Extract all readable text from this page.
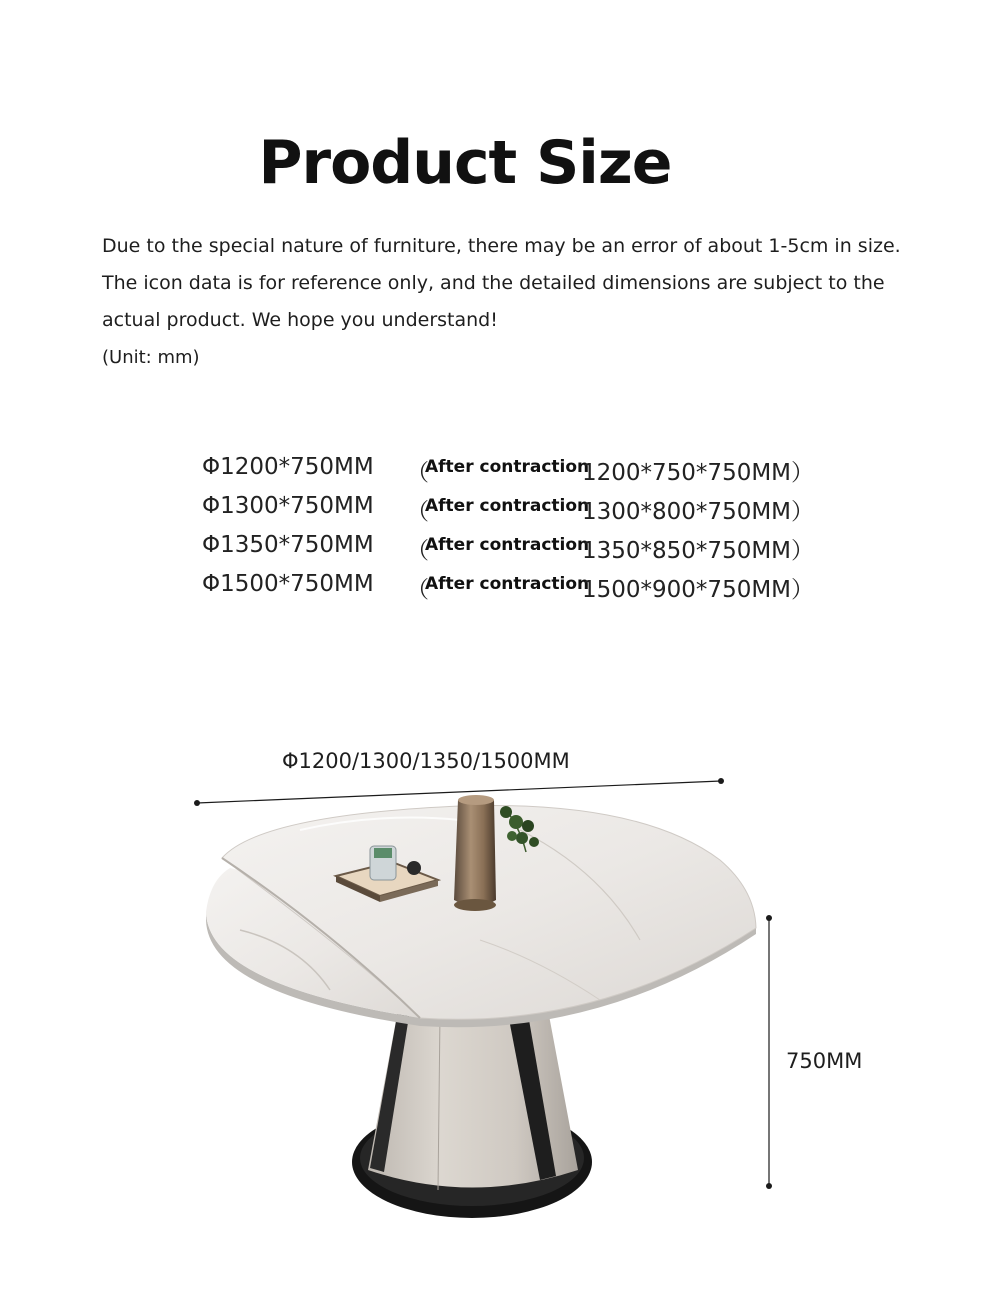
Product Size

Due to the special nature of furniture, there may be an error of about 1-5cm in size.

The icon data is for reference only, and the detailed dimensions are subject to the

actual product. We hope you understand!

(Unit: mm)

Φ1200*750MM （
After contraction
1200*750*750MM）
Φ1300*750MM （
After contraction
1300*800*750MM）
Φ1350*750MM （
After contraction
1350*850*750MM）
Φ1500*750MM （
After contraction
1500*900*750MM）
Φ1200/1300/1350/1500MM
750MM
